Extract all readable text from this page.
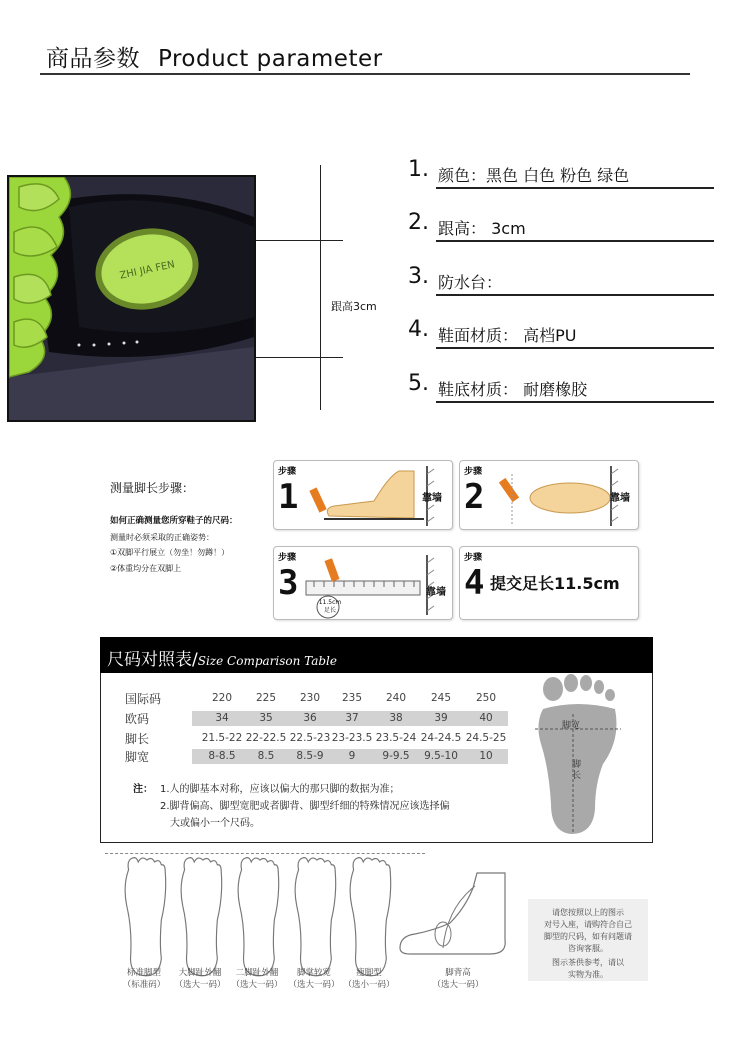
商品参数 Product parameter
ZHI JIA FEN
跟高3cm
1. 颜色：黑色 白色 粉色 绿色
2. 跟高： 3cm
3. 防水台：
4. 鞋面材质： 高档PU
5. 鞋底材质： 耐磨橡胶
测量脚长步骤：
如何正确测量您所穿鞋子的尺码：
测量时必须采取的正确姿势：
①双脚平行展立（勿坐！勿蹲！）
②体重均分在双脚上
步骤
1	靠墙
步骤
2	靠墙
步骤
3	11.5cm足长
靠墙
步骤
4 提交足长11.5cm
尺码对照表/Size Comparison Table
国际码	220	225	230	235	240	245	250
欧码	34	35	36	37	38	39	40
脚长	21.5-22 22-22.5 22.5-23 23-23.5 23.5-24 24-24.5 24.5-25
脚宽	8-8.5	8.5	8.5-9	9	9-9.5	9.5-10	10
注： 1.人的脚基本对称，应该以偏大的那只脚的数据为准；
2.脚背偏高、脚型宽肥或者脚背、脚型纤细的特殊情况应该选择偏
大或偏小一个尺码。
脚宽
脚长
标准脚型
（标准码）
大脚趾外翻
（选大一码）
二脚趾外翻
（选大一码）
脚掌较宽
（选大一码）
瘦脚型
（选小一码）
脚背高
（选大一码）
请您按照以上的图示
对号入座，请购符合自己
脚型的尺码，如有问题请
咨询客服。
图示茶供参考，请以
实物为准。
